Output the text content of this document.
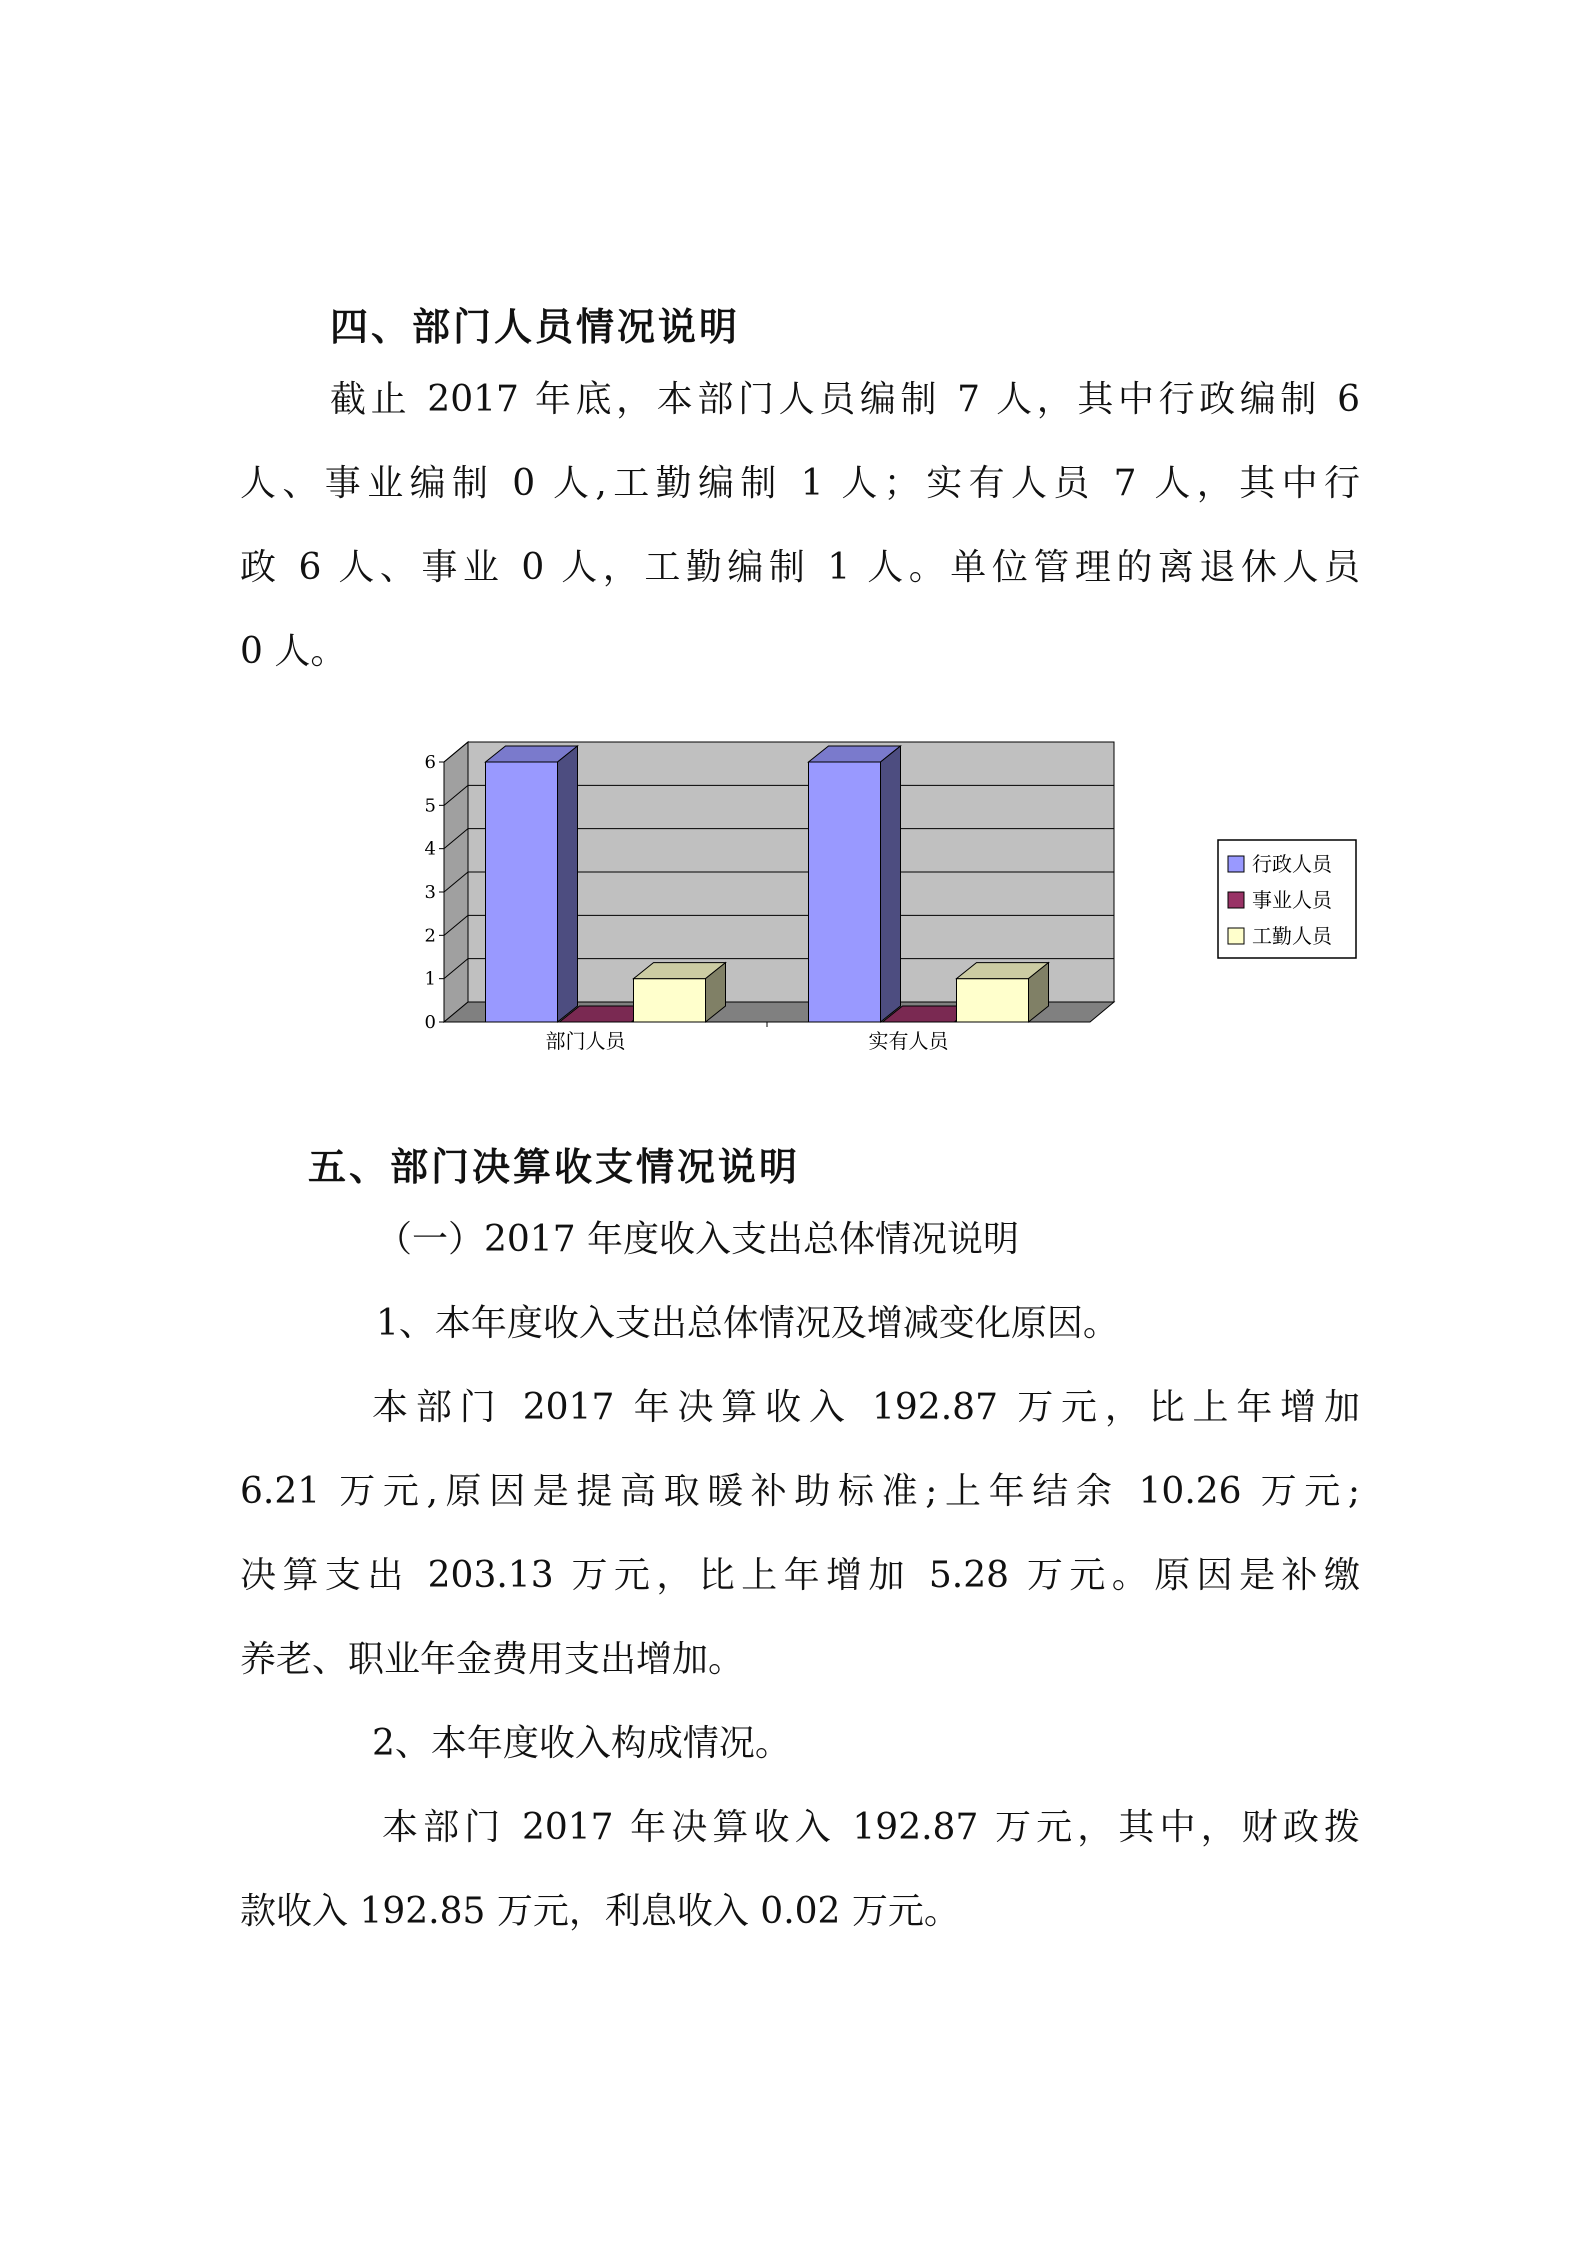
四、部门人员情况说明
截止 2017 年底，本部门人员编制 7 人，其中行政编制 6
人、事业编制 0 人,工勤编制 1 人；实有人员 7 人，其中行
政 6 人、事业 0 人，工勤编制 1 人。单位管理的离退休人员
0 人。
0
1
2
3
4
5
6
部门人员	实有人员
行政人员
事业人员
工勤人员
五、部门决算收支情况说明
（一）2017 年度收入支出总体情况说明
1、本年度收入支出总体情况及增减变化原因。
本部门 2017 年决算收入 192.87 万元，比上年增加
6.21 万元,原因是提高取暖补助标准;上年结余 10.26 万元;
决算支出 203.13 万元，比上年增加 5.28 万元。原因是补缴
养老、职业年金费用支出增加。
2、本年度收入构成情况。
本部门 2017 年决算收入 192.87 万元，其中，财政拨
款收入 192.85 万元，利息收入 0.02 万元。
